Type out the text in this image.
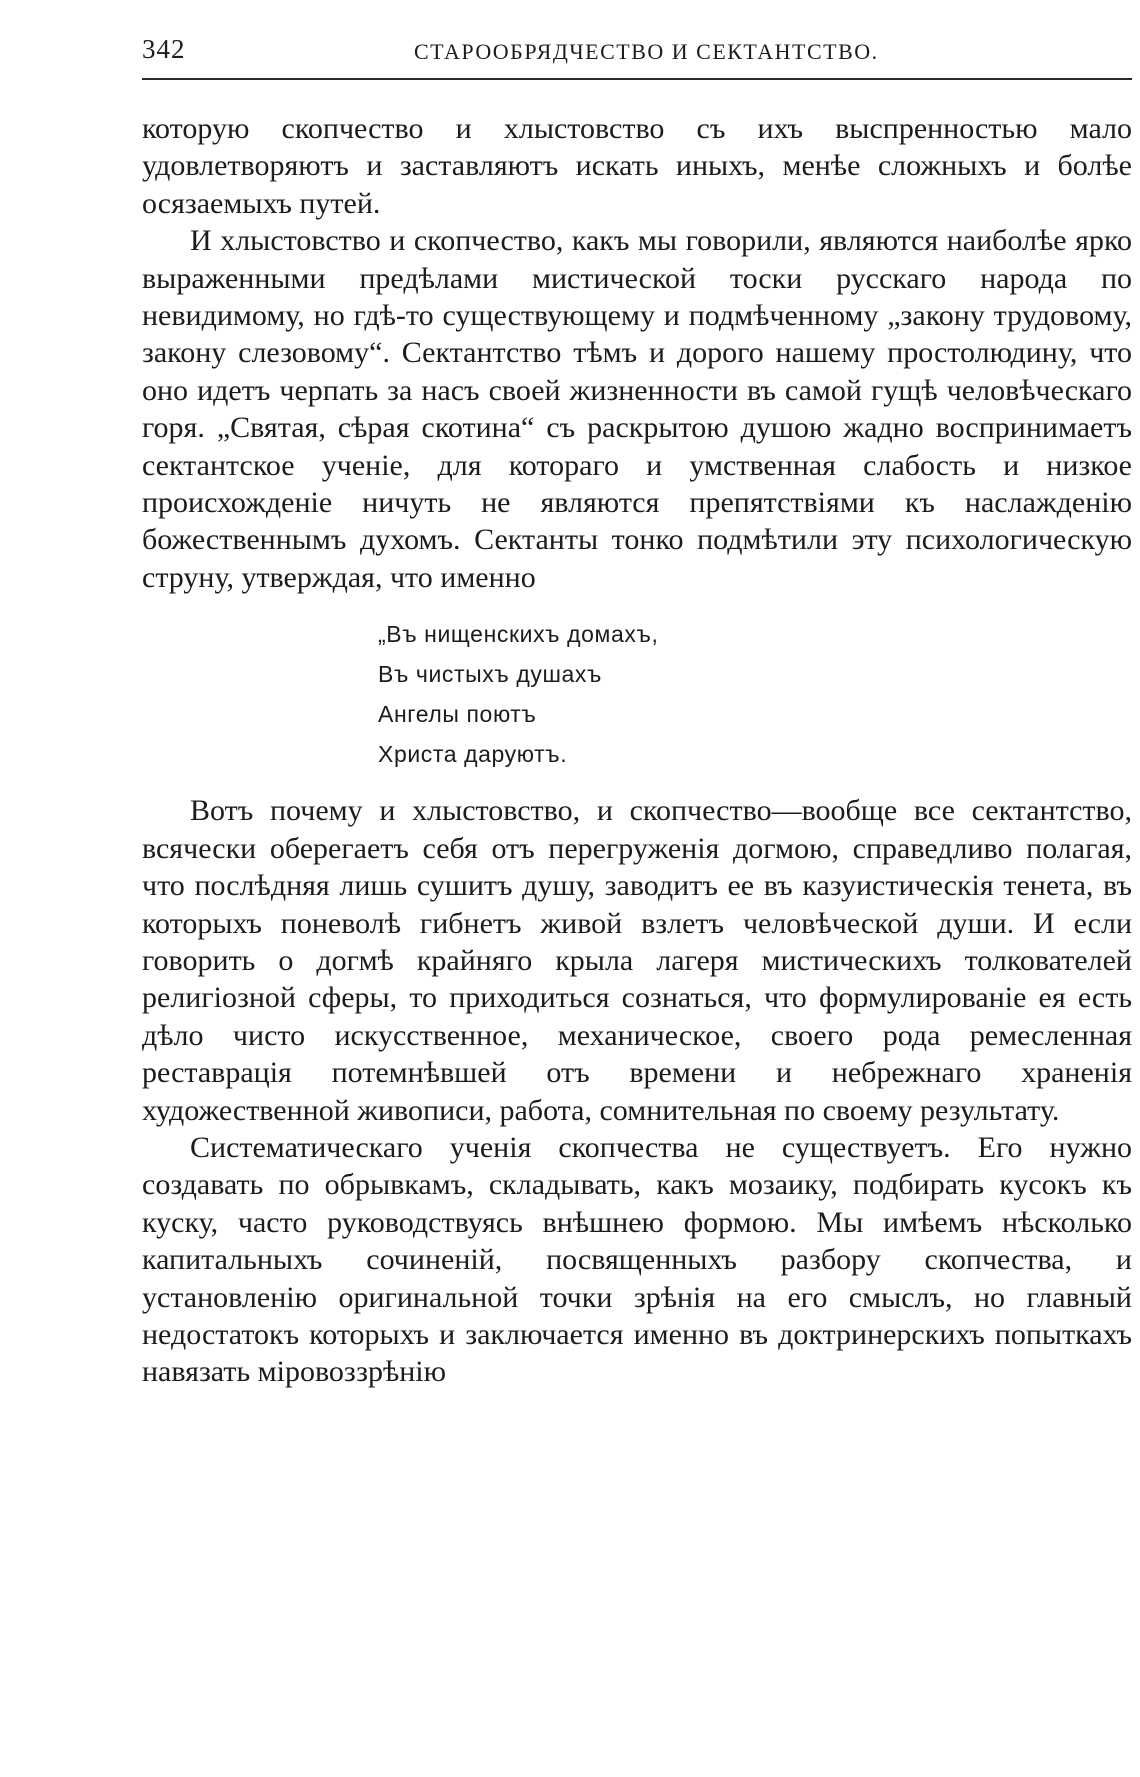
342	СТАРООБРЯДЧЕСТВО И СЕКТАНТСТВО.

которую скопчество и хлыстовство съ ихъ выспренностью мало удовлетворяютъ и заставляютъ искать иныхъ, менѣе сложныхъ и болѣе осязаемыхъ путей.

И хлыстовство и скопчество, какъ мы говорили, являются наиболѣе ярко выраженными предѣлами мистической тоски русскаго народа по невидимому, но гдѣ-то существующему и подмѣченному „закону трудовому, закону слезовому“. Сектантство тѣмъ и дорого нашему простолюдину, что оно идетъ черпать за насъ своей жизненности въ самой гущѣ человѣческаго горя. „Святая, сѣрая скотина“ съ раскрытою душою жадно воспринимаетъ сектантское ученіе, для котораго и умственная слабость и низкое происхожденіе ничуть не являются препятствіями къ наслажденію божественнымъ духомъ. Сектанты тонко подмѣтили эту психологическую струну, утверждая, что именно

„Въ нищенскихъ домахъ,
Въ чистыхъ душахъ
Ангелы поютъ
Христа даруютъ.

Вотъ почему и хлыстовство, и скопчество—вообще все сектантство, всячески оберегаетъ себя отъ перегруженія догмою, справедливо полагая, что послѣдняя лишь сушитъ душу, заводитъ ее въ казуистическія тенета, въ которыхъ поневолѣ гибнетъ живой взлетъ человѣческой души. И если говорить о догмѣ крайняго крыла лагеря мистическихъ толкователей религіозной сферы, то приходиться сознаться, что формулированіе ея есть дѣло чисто искусственное, механическое, своего рода ремесленная реставрація потемнѣвшей отъ времени и небрежнаго храненія художественной живописи, работа, сомнительная по своему результату.

Систематическаго ученія скопчества не существуетъ. Его нужно создавать по обрывкамъ, складывать, какъ мозаику, подбирать кусокъ къ куску, часто руководствуясь внѣшнею формою. Мы имѣемъ нѣсколько капитальныхъ сочиненій, посвященныхъ разбору скопчества, и установленію оригинальной точки зрѣнія на его смыслъ, но главный недостатокъ которыхъ и заключается именно въ доктринерскихъ попыткахъ навязать міровоззрѣнію
